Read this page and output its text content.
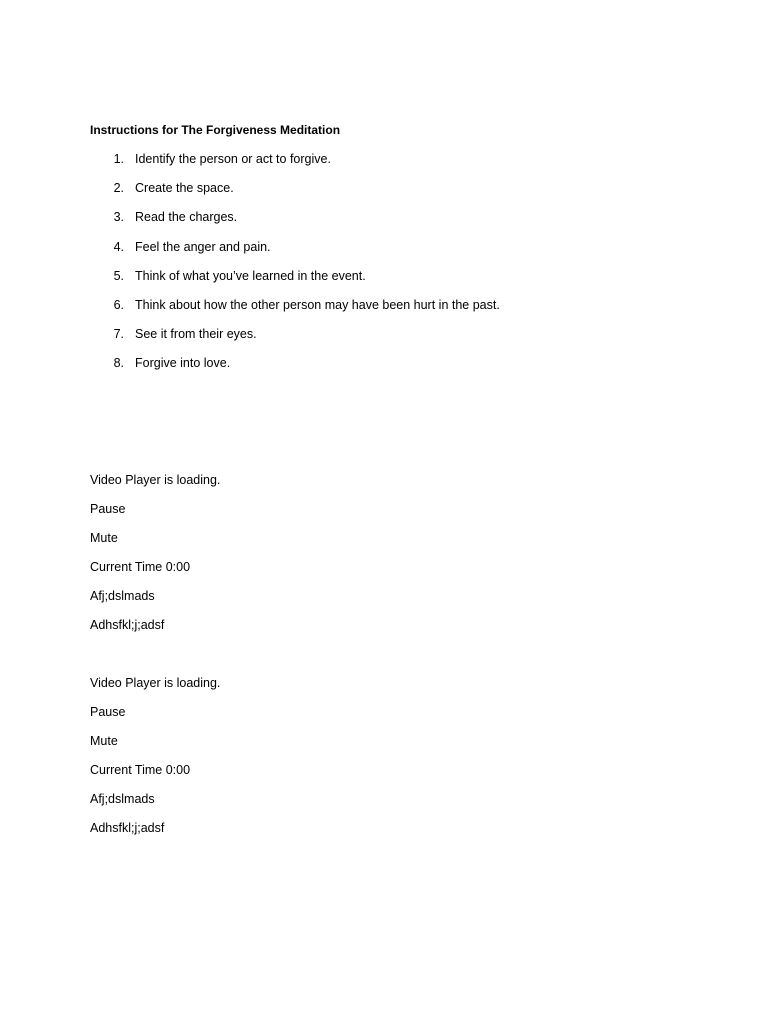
Instructions for The Forgiveness Meditation
1. Identify the person or act to forgive.
2. Create the space.
3. Read the charges.
4. Feel the anger and pain.
5. Think of what you’ve learned in the event.
6. Think about how the other person may have been hurt in the past.
7. See it from their eyes.
8. Forgive into love.
Video Player is loading.
Pause
Mute
Current Time 0:00
Afj;dslmads
Adhsfkl;j;adsf
Video Player is loading.
Pause
Mute
Current Time 0:00
Afj;dslmads
Adhsfkl;j;adsf
